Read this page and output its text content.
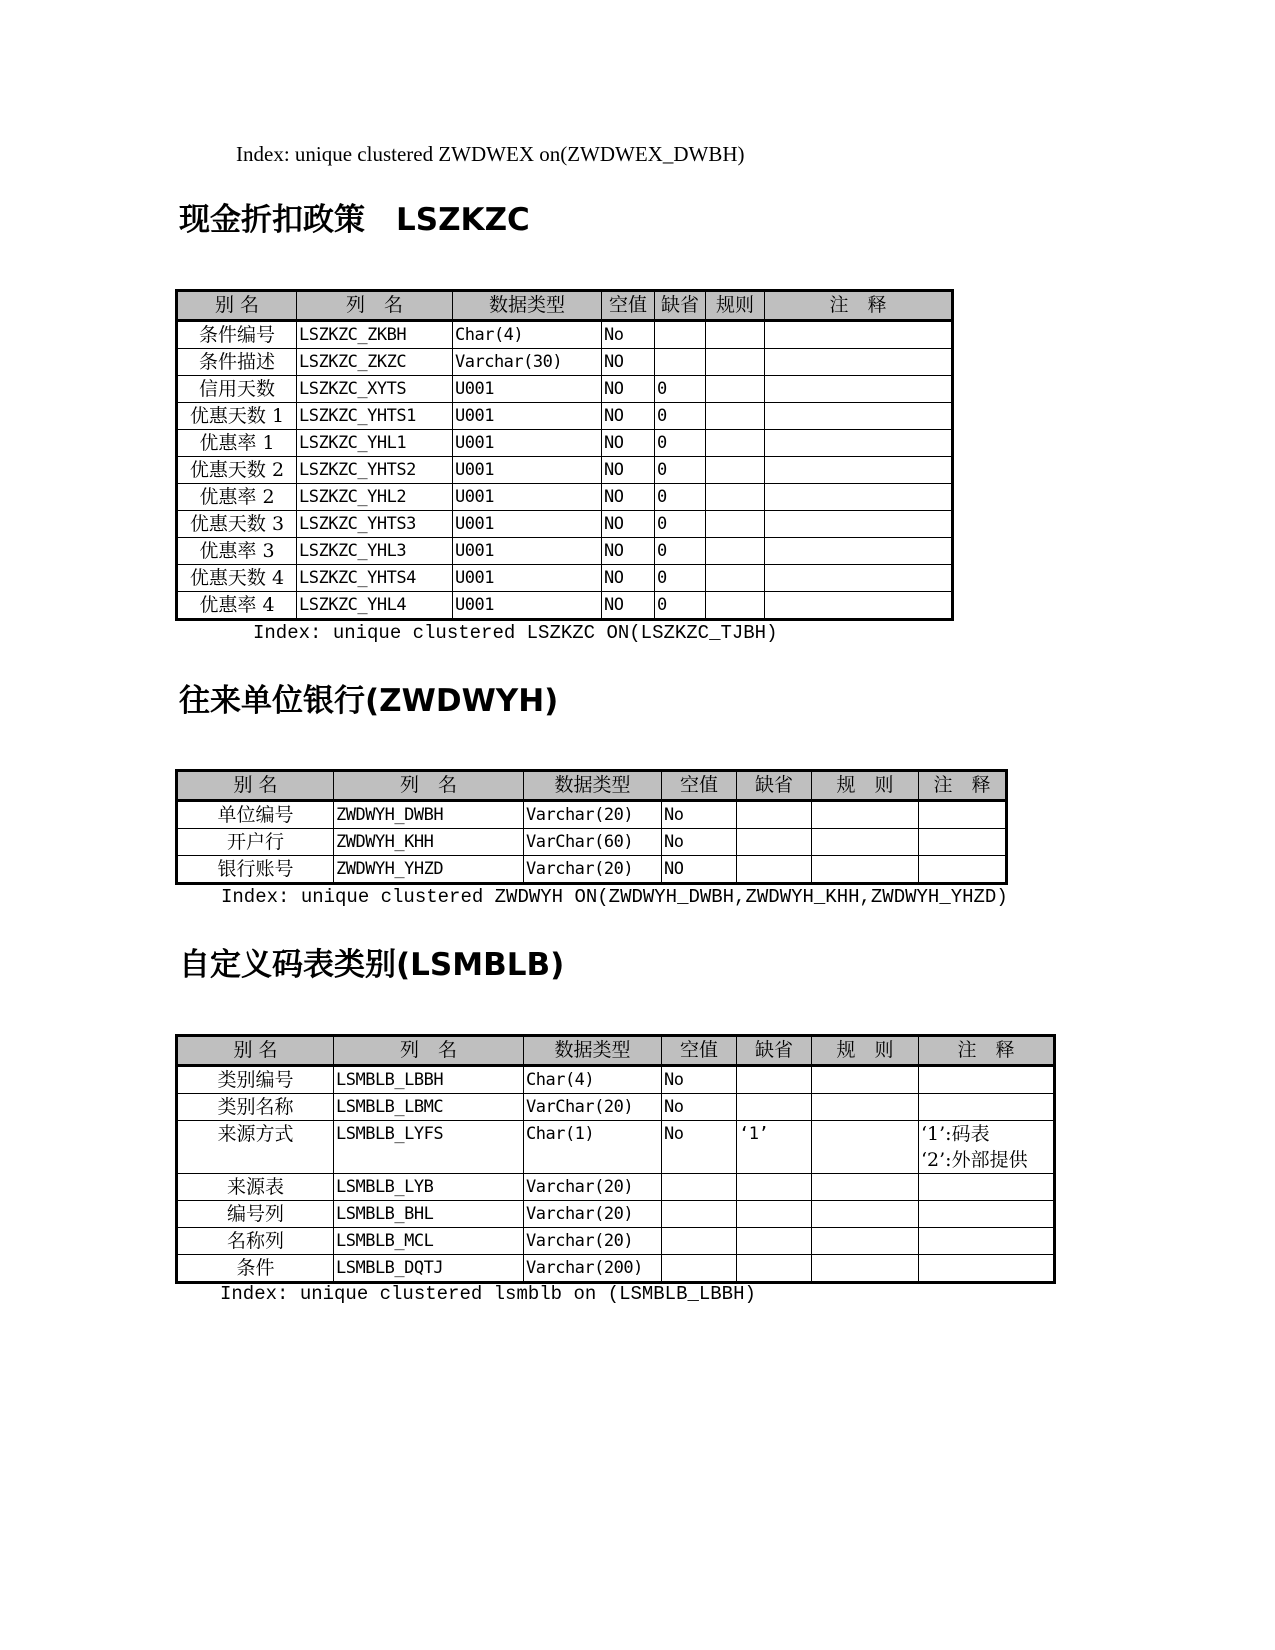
Index: unique clustered ZWDWEX on(ZWDWEX_DWBH)
现金折扣政策　LSZKZC
别 名	列　名	数据类型	空值	缺省	规则	注　释
条件编号	LSZKZC_ZKBH	Char(4)	No			
条件描述	LSZKZC_ZKZC	Varchar(30)	NO			
信用天数	LSZKZC_XYTS	U001	NO	0		
优惠天数 1	LSZKZC_YHTS1	U001	NO	0		
优惠率 1	LSZKZC_YHL1	U001	NO	0		
优惠天数 2	LSZKZC_YHTS2	U001	NO	0		
优惠率 2	LSZKZC_YHL2	U001	NO	0		
优惠天数 3	LSZKZC_YHTS3	U001	NO	0		
优惠率 3	LSZKZC_YHL3	U001	NO	0		
优惠天数 4	LSZKZC_YHTS4	U001	NO	0		
优惠率 4	LSZKZC_YHL4	U001	NO	0		
Index: unique clustered LSZKZC ON(LSZKZC_TJBH)
往来单位银行(ZWDWYH)
别 名	列　名	数据类型	空值	缺省	规　则	注　释
单位编号	ZWDWYH_DWBH	Varchar(20)	No			
开户行	ZWDWYH_KHH	VarChar(60)	No			
银行账号	ZWDWYH_YHZD	Varchar(20)	NO			
Index: unique clustered ZWDWYH ON(ZWDWYH_DWBH,ZWDWYH_KHH,ZWDWYH_YHZD)
自定义码表类别(LSMBLB)
别 名	列　名	数据类型	空值	缺省	规　则	注　释
类别编号	LSMBLB_LBBH	Char(4)	No			
类别名称	LSMBLB_LBMC	VarChar(20)	No			
来源方式	LSMBLB_LYFS	Char(1)	No	‘1’		‘1’:码表
‘2’:外部提供

来源表	LSMBLB_LYB	Varchar(20)				
编号列	LSMBLB_BHL	Varchar(20)				
名称列	LSMBLB_MCL	Varchar(20)				
条件	LSMBLB_DQTJ	Varchar(200)				
Index: unique clustered lsmblb on (LSMBLB_LBBH)
